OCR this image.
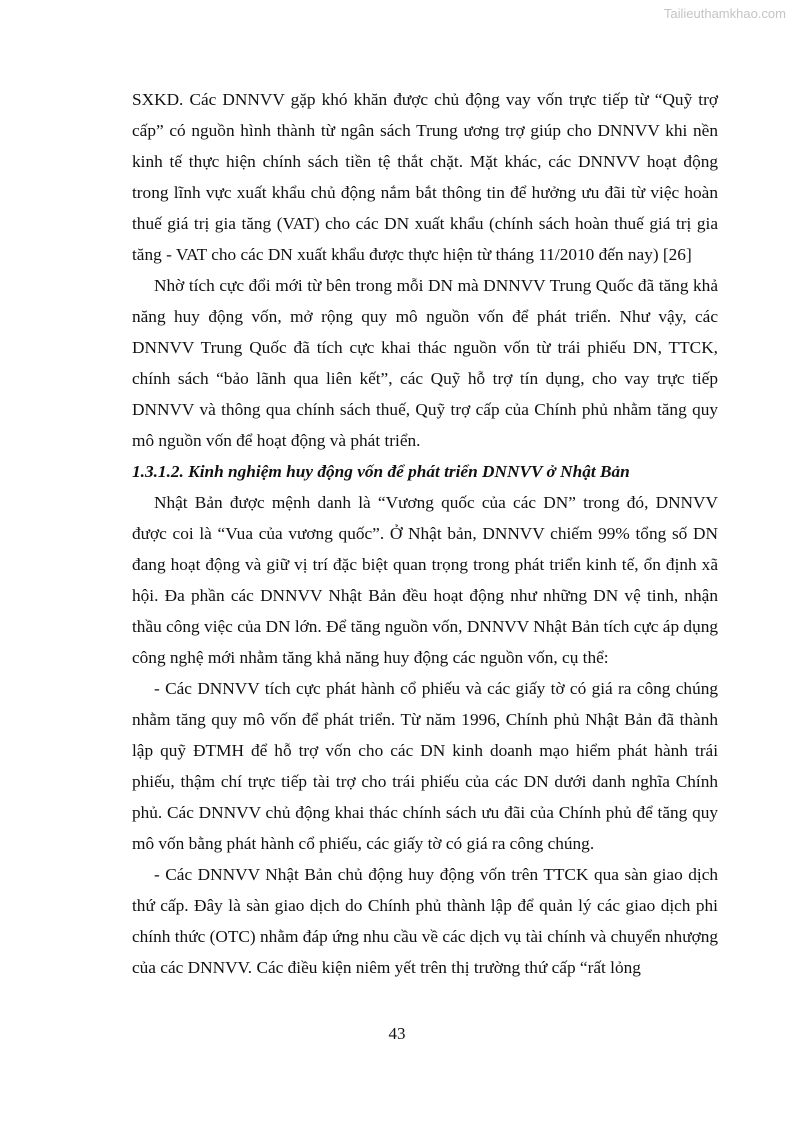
Tailieuthamkhao.com

SXKD. Các DNNVV gặp khó khăn được chủ động vay vốn trực tiếp từ “Quỹ trợ cấp” có nguồn hình thành từ ngân sách Trung ương trợ giúp cho DNNVV khi nền kinh tế thực hiện chính sách tiền tệ thắt chặt. Mặt khác, các DNNVV hoạt động trong lĩnh vực xuất khẩu chủ động nắm bắt thông tin để hưởng ưu đãi từ việc hoàn thuế giá trị gia tăng (VAT) cho các DN xuất khẩu (chính sách hoàn thuế giá trị gia tăng - VAT cho các DN xuất khẩu được thực hiện từ tháng 11/2010 đến nay) [26]

Nhờ tích cực đổi mới từ bên trong mỗi DN mà DNNVV Trung Quốc đã tăng khả năng huy động vốn, mở rộng quy mô nguồn vốn để phát triển. Như vậy, các DNNVV Trung Quốc đã tích cực khai thác nguồn vốn từ trái phiếu DN, TTCK, chính sách “bảo lãnh qua liên kết”, các Quỹ hỗ trợ tín dụng, cho vay trực tiếp DNNVV và thông qua chính sách thuế, Quỹ trợ cấp của Chính phủ nhằm tăng quy mô nguồn vốn để hoạt động và phát triển.

1.3.1.2. Kinh nghiệm huy động vốn để phát triển DNNVV ở Nhật Bản

Nhật Bản được mệnh danh là “Vương quốc của các DN” trong đó, DNNVV được coi là “Vua của vương quốc”. Ở Nhật bản, DNNVV chiếm 99% tổng số DN đang hoạt động và giữ vị trí đặc biệt quan trọng trong phát triển kinh tế, ổn định xã hội. Đa phần các DNNVV Nhật Bản đều hoạt động như những DN vệ tinh, nhận thầu công việc của DN lớn. Để tăng nguồn vốn, DNNVV Nhật Bản tích cực áp dụng công nghệ mới nhằm tăng khả năng huy động các nguồn vốn, cụ thể:

- Các DNNVV tích cực phát hành cổ phiếu và các giấy tờ có giá ra công chúng nhằm tăng quy mô vốn để phát triển. Từ năm 1996, Chính phủ Nhật Bản đã thành lập quỹ ĐTMH để hỗ trợ vốn cho các DN kinh doanh mạo hiểm phát hành trái phiếu, thậm chí trực tiếp tài trợ cho trái phiếu của các DN dưới danh nghĩa Chính phủ. Các DNNVV chủ động khai thác chính sách ưu đãi của Chính phủ để tăng quy mô vốn bằng phát hành cổ phiếu, các giấy tờ có giá ra công chúng.

- Các DNNVV Nhật Bản chủ động huy động vốn trên TTCK qua sàn giao dịch thứ cấp. Đây là sàn giao dịch do Chính phủ thành lập để quản lý các giao dịch phi chính thức (OTC) nhằm đáp ứng nhu cầu về các dịch vụ tài chính và chuyển nhượng của các DNNVV. Các điều kiện niêm yết trên thị trường thứ cấp “rất lỏng

43
